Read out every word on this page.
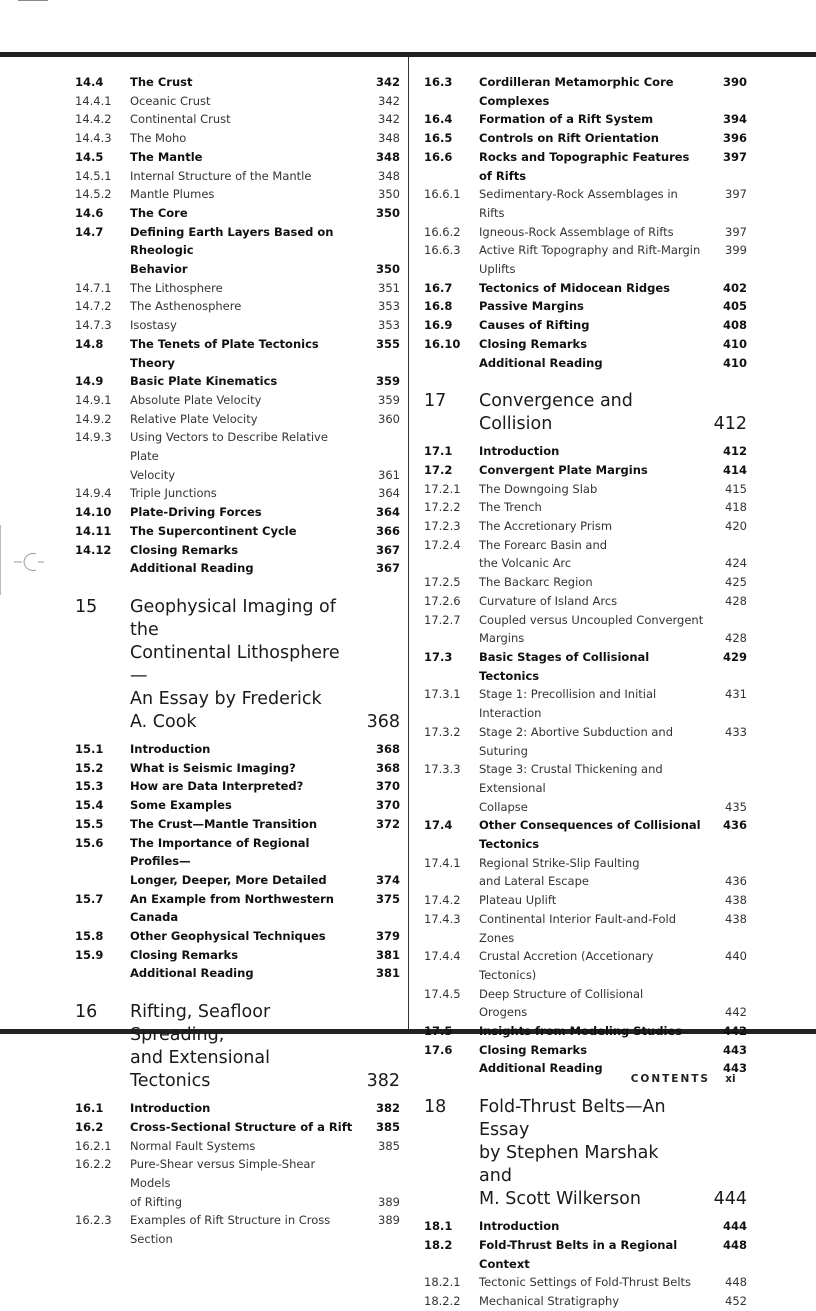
14.4	The Crust	342
14.4.1	Oceanic Crust	342
14.4.2	Continental Crust	342
14.4.3	The Moho	348
14.5	The Mantle	348
14.5.1	Internal Structure of the Mantle	348
14.5.2	Mantle Plumes	350
14.6	The Core	350
14.7	Defining Earth Layers Based on Rheologic
Behavior	350
14.7.1	The Lithosphere	351
14.7.2	The Asthenosphere	353
14.7.3	Isostasy	353
14.8	The Tenets of Plate Tectonics Theory
355
14.9	Basic Plate Kinematics	359
14.9.1	Absolute Plate Velocity	359
14.9.2	Relative Plate Velocity	360
14.9.3	Using Vectors to Describe Relative Plate
Velocity	361
14.9.4	Triple Junctions	364
14.10	Plate-Driving Forces	364
14.11	The Supercontinent Cycle	366
14.12	Closing Remarks	367
Additional Reading	367
15	Geophysical Imaging of the
Continental Lithosphere—
An Essay by Frederick A. Cook	368
15.1	Introduction	368
15.2	What is Seismic Imaging?	368
15.3	How are Data Interpreted?	370
15.4	Some Examples	370
15.5	The Crust—Mantle Transition	372
15.6	The Importance of Regional Profiles—
Longer, Deeper, More Detailed	374
15.7	An Example from Northwestern Canada
375
15.8	Other Geophysical Techniques	379
15.9	Closing Remarks	381
Additional Reading	381
16	Rifting, Seafloor Spreading,
and Extensional Tectonics	382
16.1	Introduction	382
16.2	Cross-Sectional Structure of a Rift	385
16.2.1	Normal Fault Systems	385
16.2.2	Pure-Shear versus Simple-Shear Models
of Rifting	389
16.2.3	Examples of Rift Structure in Cross Section
389
16.3	Cordilleran Metamorphic Core Complexes
390
16.4	Formation of a Rift System	394
16.5	Controls on Rift Orientation	396
16.6	Rocks and Topographic Features of Rifts
397
16.6.1	Sedimentary-Rock Assemblages in Rifts
397
16.6.2	Igneous-Rock Assemblage of Rifts	397
16.6.3	Active Rift Topography and Rift-Margin Uplifts
399
16.7	Tectonics of Midocean Ridges	402
16.8	Passive Margins	405
16.9	Causes of Rifting	408
16.10	Closing Remarks	410
Additional Reading	410
17	Convergence and Collision	412
17.1	Introduction	412
17.2	Convergent Plate Margins	414
17.2.1	The Downgoing Slab	415
17.2.2	The Trench	418
17.2.3	The Accretionary Prism	420
17.2.4	The Forearc Basin and
the Volcanic Arc	424
17.2.5	The Backarc Region	425
17.2.6	Curvature of Island Arcs	428
17.2.7	Coupled versus Uncoupled Convergent
Margins	428
17.3	Basic Stages of Collisional Tectonics
429
17.3.1	Stage 1: Precollision and Initial Interaction
431
17.3.2	Stage 2: Abortive Subduction and Suturing
433
17.3.3	Stage 3: Crustal Thickening and Extensional
Collapse	435
17.4	Other Consequences of Collisional Tectonics
436
17.4.1	Regional Strike-Slip Faulting
and Lateral Escape	436
17.4.2	Plateau Uplift	438
17.4.3	Continental Interior Fault-and-Fold Zones
438
17.4.4	Crustal Accretion (Accetionary Tectonics)
440
17.4.5	Deep Structure of Collisional
Orogens	442
17.5	Insights from Modeling Studies	442
17.6	Closing Remarks	443
Additional Reading	443
18	Fold-Thrust Belts—An Essay
by Stephen Marshak and
M. Scott Wilkerson	444
18.1	Introduction	444
18.2	Fold-Thrust Belts in a Regional Context
448
18.2.1	Tectonic Settings of Fold-Thrust Belts	448
18.2.2	Mechanical Stratigraphy	452
CONTENTS xi
